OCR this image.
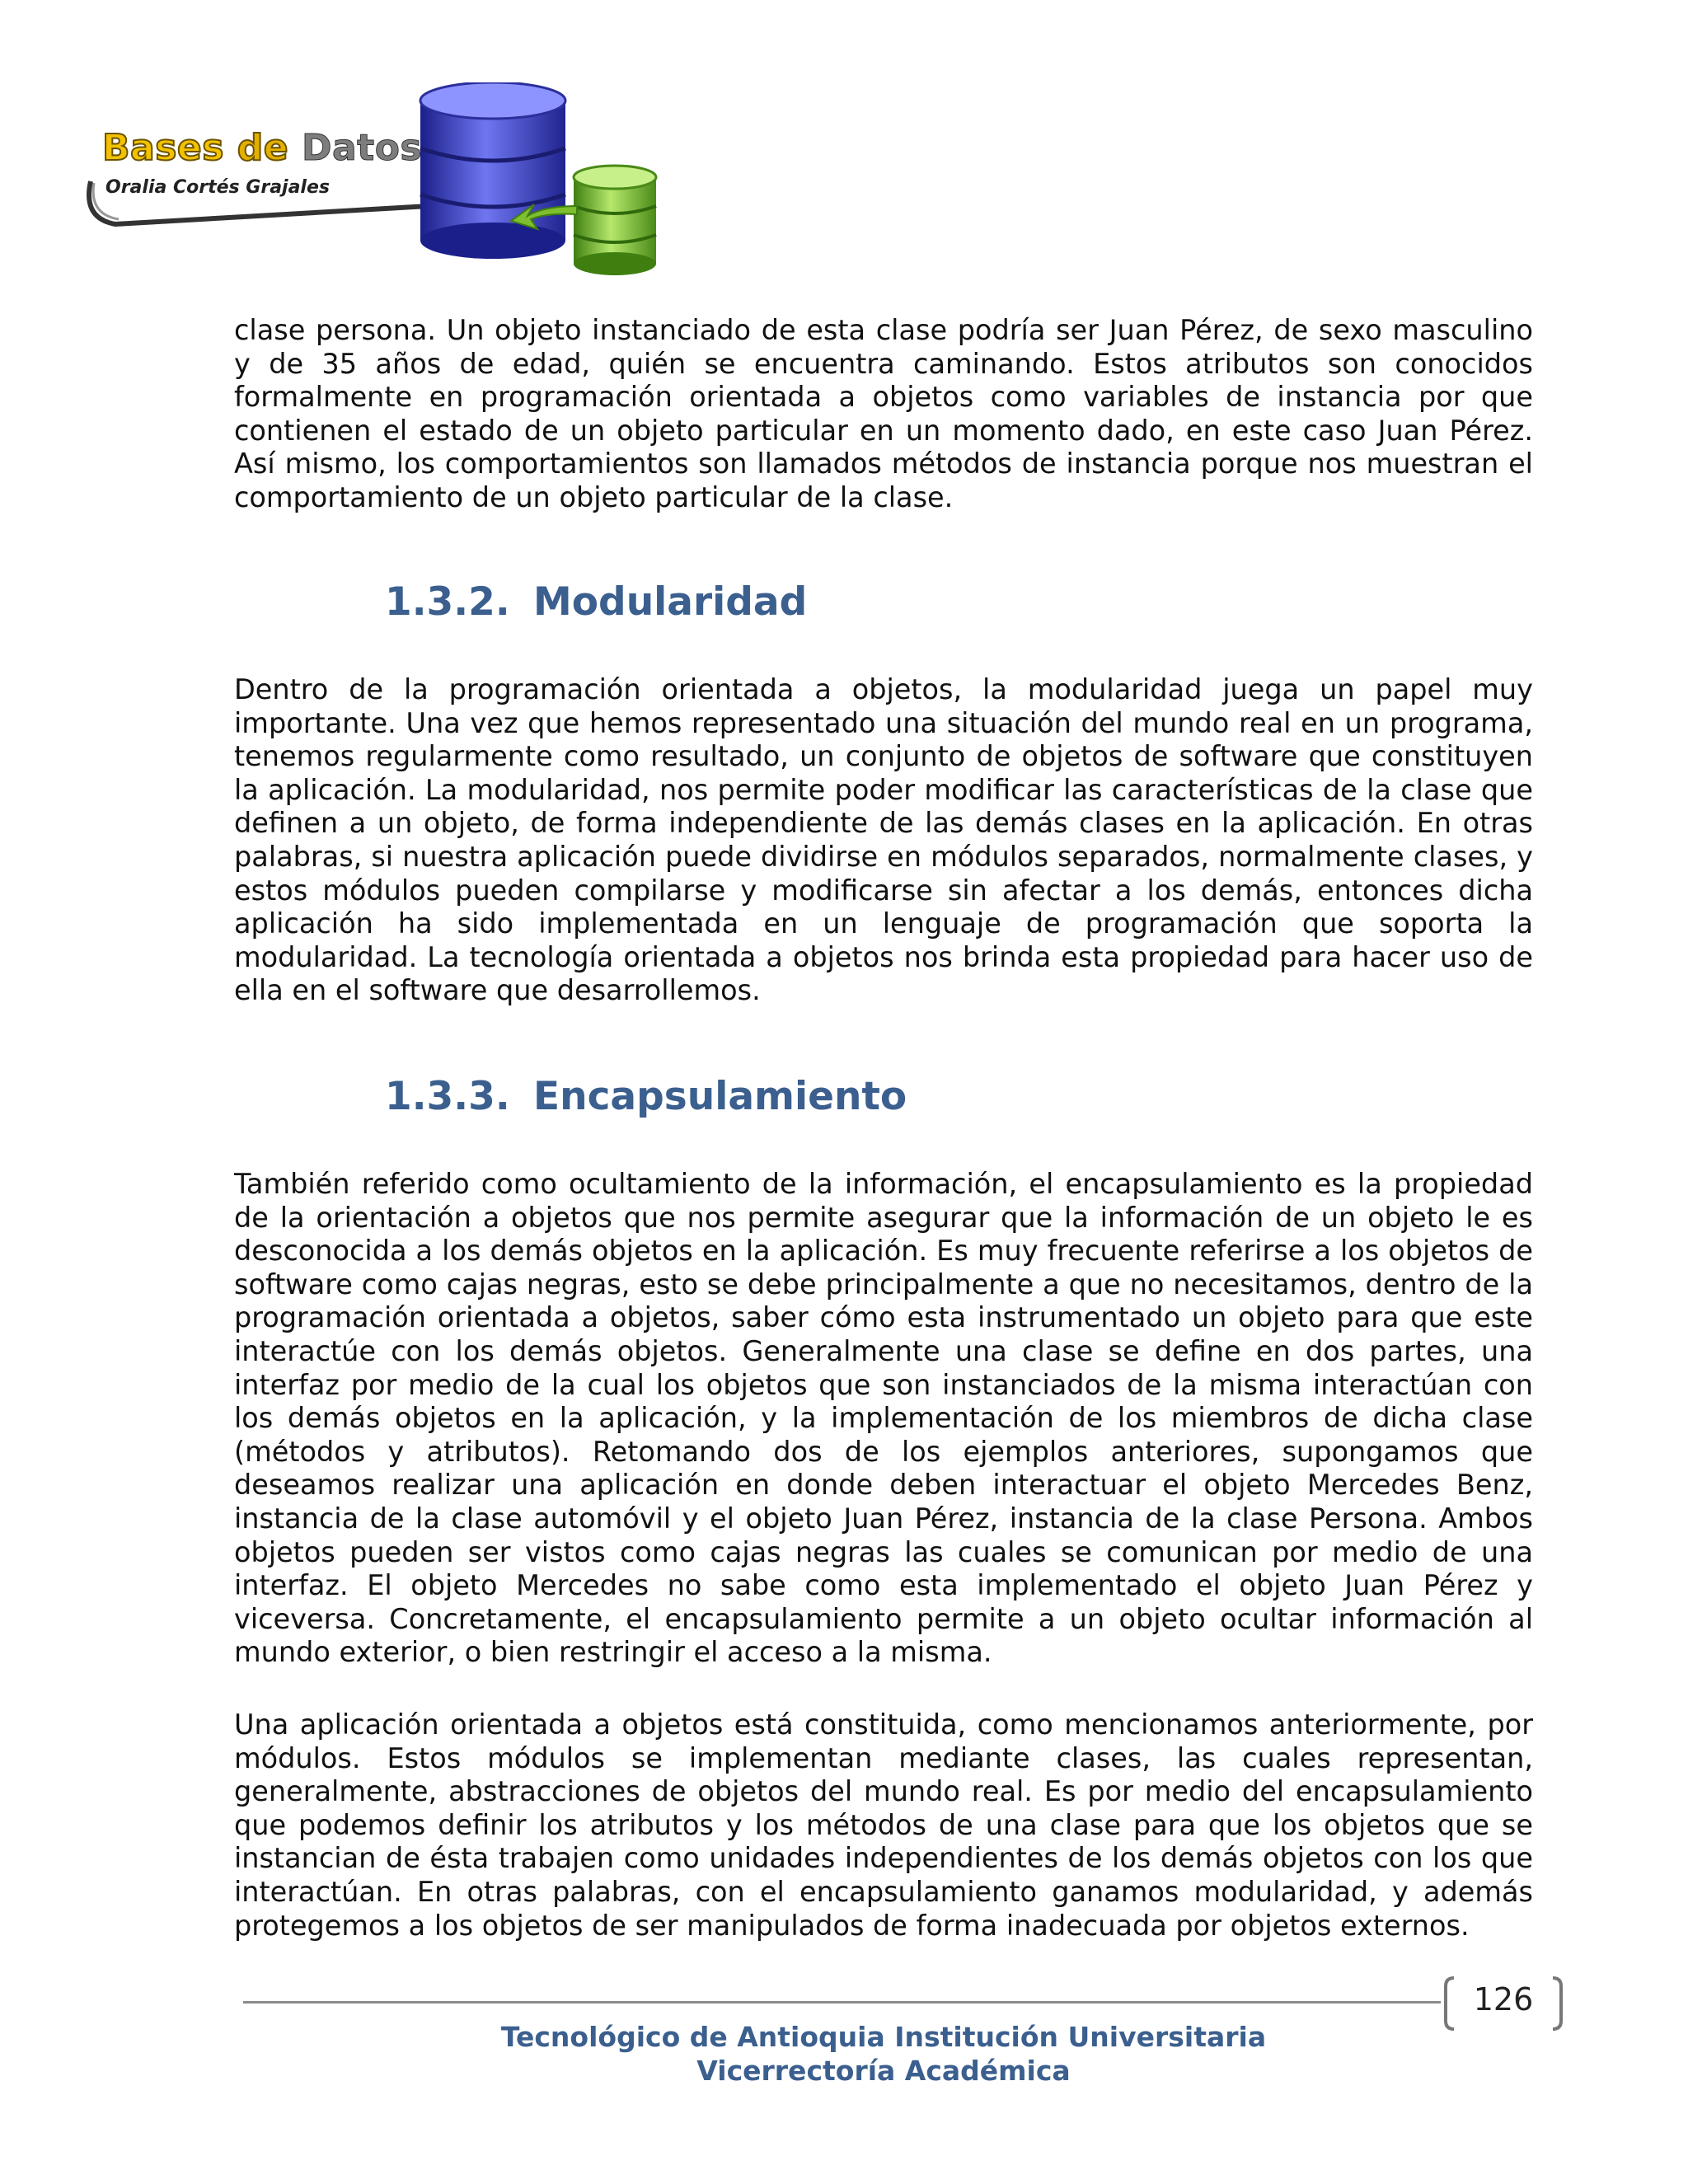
Bases de Datos
Oralia Cortés Grajales

clase persona. Un objeto instanciado de esta clase podría ser Juan Pérez, de sexo masculino y de 35 años de edad, quién se encuentra caminando. Estos atributos son conocidos formalmente en programación orientada a objetos como variables de instancia por que contienen el estado de un objeto particular en un momento dado, en este caso Juan Pérez. Así mismo, los comportamientos son llamados métodos de instancia porque nos muestran el comportamiento de un objeto particular de la clase.

1.3.2. Modularidad

Dentro de la programación orientada a objetos, la modularidad juega un papel muy importante. Una vez que hemos representado una situación del mundo real en un programa, tenemos regularmente como resultado, un conjunto de objetos de software que constituyen la aplicación. La modularidad, nos permite poder modificar las características de la clase que definen a un objeto, de forma independiente de las demás clases en la aplicación. En otras palabras, si nuestra aplicación puede dividirse en módulos separados, normalmente clases, y estos módulos pueden compilarse y modificarse sin afectar a los demás, entonces dicha aplicación ha sido implementada en un lenguaje de programación que soporta la modularidad. La tecnología orientada a objetos nos brinda esta propiedad para hacer uso de ella en el software que desarrollemos.

1.3.3. Encapsulamiento

También referido como ocultamiento de la información, el encapsulamiento es la propiedad de la orientación a objetos que nos permite asegurar que la información de un objeto le es desconocida a los demás objetos en la aplicación. Es muy frecuente referirse a los objetos de software como cajas negras, esto se debe principalmente a que no necesitamos, dentro de la programación orientada a objetos, saber cómo esta instrumentado un objeto para que este interactúe con los demás objetos. Generalmente una clase se define en dos partes, una interfaz por medio de la cual los objetos que son instanciados de la misma interactúan con los demás objetos en la aplicación, y la implementación de los miembros de dicha clase (métodos y atributos). Retomando dos de los ejemplos anteriores, supongamos que deseamos realizar una aplicación en donde deben interactuar el objeto Mercedes Benz, instancia de la clase automóvil y el objeto Juan Pérez, instancia de la clase Persona. Ambos objetos pueden ser vistos como cajas negras las cuales se comunican por medio de una interfaz. El objeto Mercedes no sabe como esta implementado el objeto Juan Pérez y viceversa. Concretamente, el encapsulamiento permite a un objeto ocultar información al mundo exterior, o bien restringir el acceso a la misma.

Una aplicación orientada a objetos está constituida, como mencionamos anteriormente, por módulos. Estos módulos se implementan mediante clases, las cuales representan, generalmente, abstracciones de objetos del mundo real. Es por medio del encapsulamiento que podemos definir los atributos y los métodos de una clase para que los objetos que se instancian de ésta trabajen como unidades independientes de los demás objetos con los que interactúan. En otras palabras, con el encapsulamiento ganamos modularidad, y además protegemos a los objetos de ser manipulados de forma inadecuada por objetos externos.

126
Tecnológico de Antioquia Institución Universitaria
Vicerrectoría Académica
